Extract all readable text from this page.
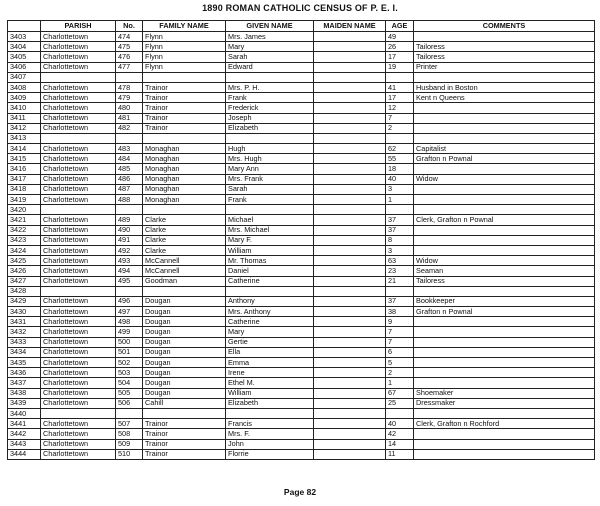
1890 ROMAN CATHOLIC CENSUS OF P. E. I.
	PARISH	No.	FAMILY NAME	GIVEN NAME	MAIDEN NAME	AGE	COMMENTS
3403	Charlottetown	474	Flynn	Mrs. James		49	
3404	Charlottetown	475	Flynn	Mary		26	Tailoress
3405	Charlottetown	476	Flynn	Sarah		17	Tailoress
3406	Charlottetown	477	Flynn	Edward		19	Printer
3407							
3408	Charlottetown	478	Trainor	Mrs. P. H.		41	Husband in Boston
3409	Charlottetown	479	Trainor	Frank		17	Kent n Queens
3410	Charlottetown	480	Trainor	Frederick		12	
3411	Charlottetown	481	Trainor	Joseph		7	
3412	Charlottetown	482	Trainor	Elizabeth		2	
3413							
3414	Charlottetown	483	Monaghan	Hugh		62	Capitalist
3415	Charlottetown	484	Monaghan	Mrs. Hugh		55	Grafton n Pownal
3416	Charlottetown	485	Monaghan	Mary Ann		18	
3417	Charlottetown	486	Monaghan	Mrs. Frank		40	Widow
3418	Charlottetown	487	Monaghan	Sarah		3	
3419	Charlottetown	488	Monaghan	Frank		1	
3420							
3421	Charlottetown	489	Clarke	Michael		37	Clerk, Grafton n Pownal
3422	Charlottetown	490	Clarke	Mrs. Michael		37	
3423	Charlottetown	491	Clarke	Mary F.		8	
3424	Charlottetown	492	Clarke	William		3	
3425	Charlottetown	493	McCannell	Mr. Thomas		63	Widow
3426	Charlottetown	494	McCannell	Daniel		23	Seaman
3427	Charlottetown	495	Goodman	Catherine		21	Tailoress
3428							
3429	Charlottetown	496	Dougan	Anthony		37	Bookkeeper
3430	Charlottetown	497	Dougan	Mrs. Anthony		38	Grafton n Pownal
3431	Charlottetown	498	Dougan	Catherine		9	
3432	Charlottetown	499	Dougan	Mary		7	
3433	Charlottetown	500	Dougan	Gertie		7	
3434	Charlottetown	501	Dougan	Ella		6	
3435	Charlottetown	502	Dougan	Emma		5	
3436	Charlottetown	503	Dougan	Irene		2	
3437	Charlottetown	504	Dougan	Ethel M.		1	
3438	Charlottetown	505	Dougan	William		67	Shoemaker
3439	Charlottetown	506	Cahill	Elizabeth		25	Dressmaker
3440							
3441	Charlottetown	507	Trainor	Francis		40	Clerk, Grafton n Rochford
3442	Charlottetown	508	Trainor	Mrs. F.		42	
3443	Charlottetown	509	Trainor	John		14	
3444	Charlottetown	510	Trainor	Florrie		11	
Page 82
